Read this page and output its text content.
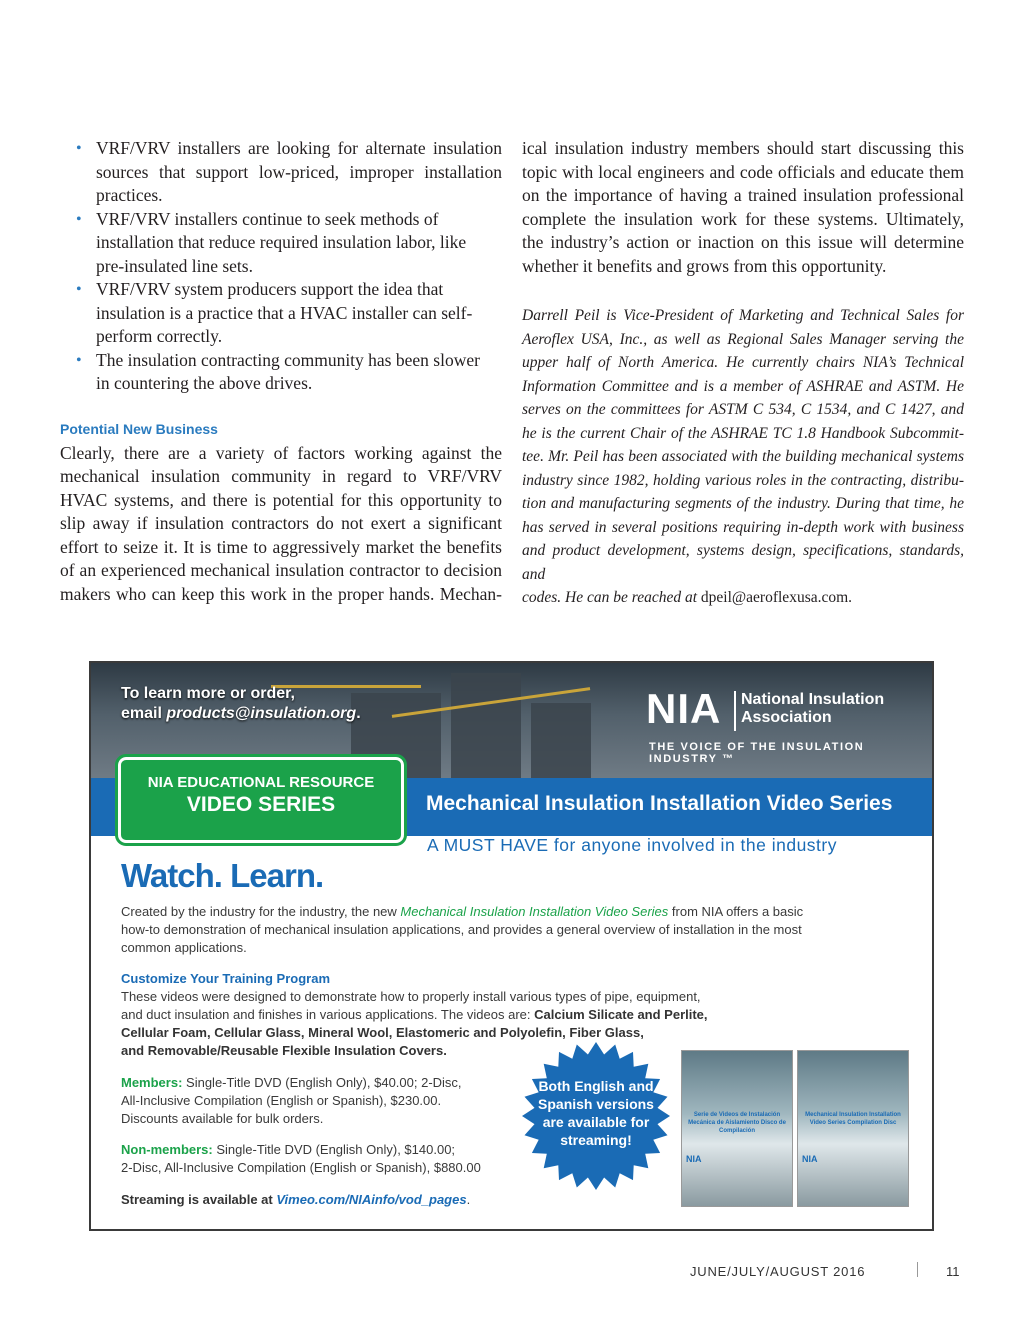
• VRF/VRV installers are looking for alternate insulation
sources that support low-priced, improper installation
practices.
• VRF/VRV installers continue to seek methods of
installation that reduce required insulation labor, like
pre-insulated line sets.
• VRF/VRV system producers support the idea that
insulation is a practice that a HVAC installer can self-
perform correctly.
• The insulation contracting community has been slower
in countering the above drives.
Potential New Business
Clearly, there are a variety of factors working against the
mechanical insulation community in regard to VRF/VRV
HVAC systems, and there is potential for this opportunity to
slip away if insulation contractors do not exert a significant
effort to seize it. It is time to aggressively market the benefits
of an experienced mechanical insulation contractor to decision
makers who can keep this work in the proper hands. Mechan-
ical insulation industry members should start discussing this
topic with local engineers and code officials and educate them
on the importance of having a trained insulation professional
complete the insulation work for these systems. Ultimately,
the industry’s action or inaction on this issue will determine
whether it benefits and grows from this opportunity.
Darrell Peil is Vice-President of Marketing and Technical Sales for
Aeroflex USA, Inc., as well as Regional Sales Manager serving the
upper half of North America. He currently chairs NIA’s Technical
Information Committee and is a member of ASHRAE and ASTM. He
serves on the committees for ASTM C 534, C 1534, and C 1427, and
he is the current Chair of the ASHRAE TC 1.8 Handbook Subcommit-
tee. Mr. Peil has been associated with the building mechanical systems
industry since 1982, holding various roles in the contracting, distribu-
tion and manufacturing segments of the industry. During that time, he
has served in several positions requiring in-depth work with business
and product development, systems design, specifications, standards, and
codes. He can be reached at dpeil@aeroflexusa.com.
To learn more or order,
email products@insulation.org.	NIA National Insulation
Association
THE VOICE OF THE INSULATION INDUSTRY ™
Mechanical Insulation Installation Video Series
NIA EDUCATIONAL RESOURCE
VIDEO SERIES
A MUST HAVE for anyone involved in the industry
Watch. Learn.
Created by the industry for the industry, the new Mechanical Insulation Installation Video Series from NIA offers a basic
how-to demonstration of mechanical insulation applications, and provides a general overview of installation in the most
common applications.
Customize Your Training Program
These videos were designed to demonstrate how to properly install various types of pipe, equipment,
and duct insulation and finishes in various applications. The videos are: Calcium Silicate and Perlite,
Cellular Foam, Cellular Glass, Mineral Wool, Elastomeric and Polyolefin, Fiber Glass,
and Removable/Reusable Flexible Insulation Covers.
Members: Single-Title DVD (English Only), $40.00; 2-Disc,
All-Inclusive Compilation (English or Spanish), $230.00.
Discounts available for bulk orders.
Non-members: Single-Title DVD (English Only), $140.00;
2-Disc, All-Inclusive Compilation (English or Spanish), $880.00
Streaming is available at Vimeo.com/NIAinfo/vod_pages.
Both English and Spanish versions are available for streaming!
Serie de Videos de Instalación Mecánica de Aislamiento Disco de Compilación
NIA
Mechanical Insulation Installation Video Series Compilation Disc
NIA
JUNE/JULY/AUGUST 2016	11
